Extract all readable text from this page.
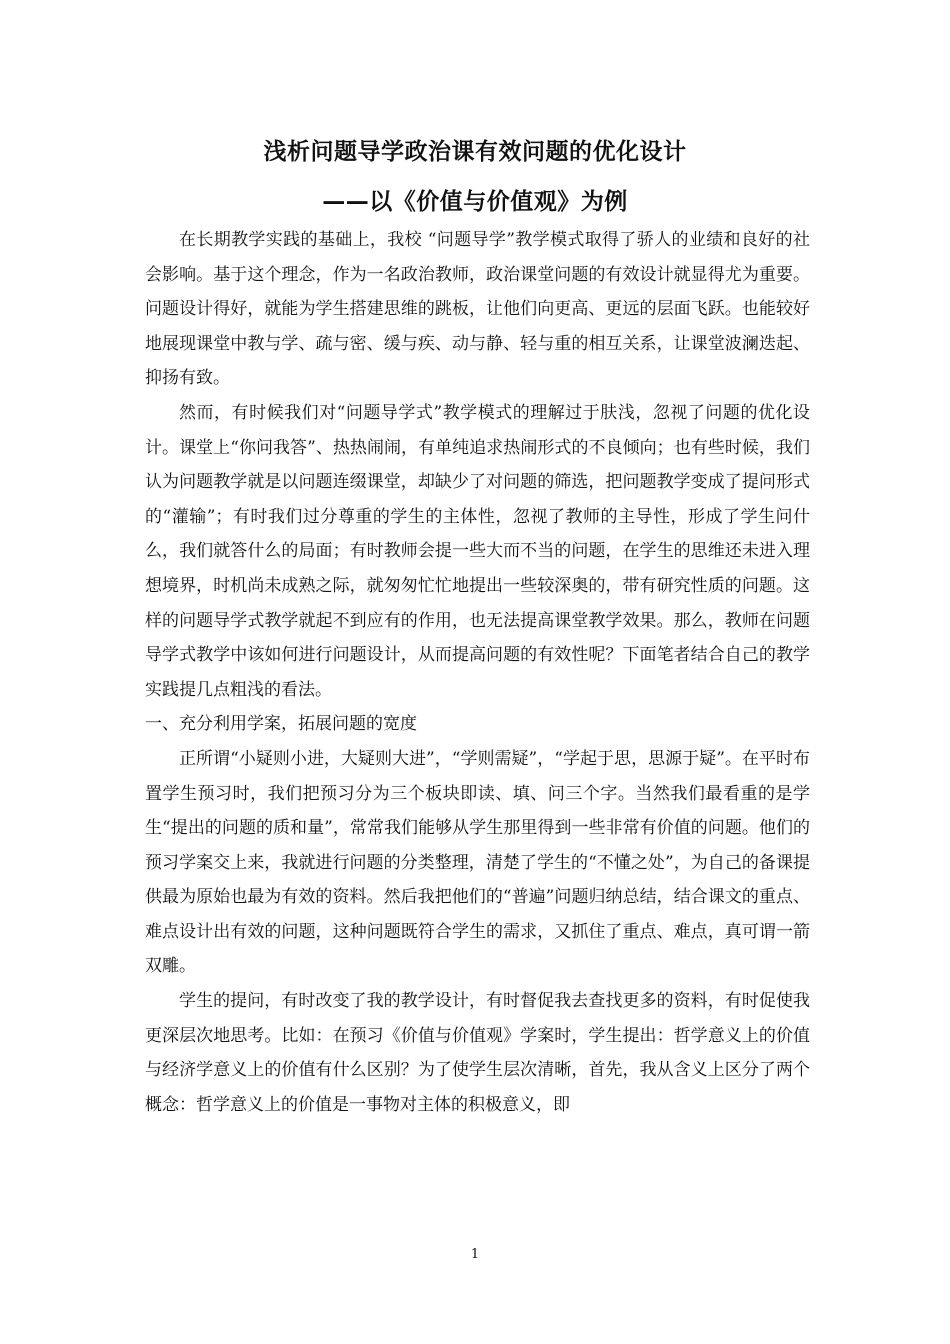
浅析问题导学政治课有效问题的优化设计
——以《价值与价值观》为例

在长期教学实践的基础上，我校 “问题导学”教学模式取得了骄人的业绩和良好的社会影响。基于这个理念，作为一名政治教师，政治课堂问题的有效设计就显得尤为重要。问题设计得好，就能为学生搭建思维的跳板，让他们向更高、更远的层面飞跃。也能较好地展现课堂中教与学、疏与密、缓与疾、动与静、轻与重的相互关系，让课堂波澜迭起、抑扬有致。

然而，有时候我们对“问题导学式”教学模式的理解过于肤浅，忽视了问题的优化设计。课堂上“你问我答”、热热闹闹，有单纯追求热闹形式的不良倾向；也有些时候，我们认为问题教学就是以问题连缀课堂，却缺少了对问题的筛选，把问题教学变成了提问形式的“灌输”；有时我们过分尊重的学生的主体性，忽视了教师的主导性，形成了学生问什么，我们就答什么的局面；有时教师会提一些大而不当的问题，在学生的思维还未进入理想境界，时机尚未成熟之际，就匆匆忙忙地提出一些较深奥的，带有研究性质的问题。这样的问题导学式教学就起不到应有的作用，也无法提高课堂教学效果。那么，教师在问题导学式教学中该如何进行问题设计，从而提高问题的有效性呢？下面笔者结合自己的教学实践提几点粗浅的看法。

一、充分利用学案，拓展问题的宽度

正所谓“小疑则小进，大疑则大进”，“学则需疑”，“学起于思，思源于疑”。在平时布置学生预习时，我们把预习分为三个板块即读、填、问三个字。当然我们最看重的是学生“提出的问题的质和量”，常常我们能够从学生那里得到一些非常有价值的问题。他们的预习学案交上来，我就进行问题的分类整理，清楚了学生的“不懂之处”，为自己的备课提供最为原始也最为有效的资料。然后我把他们的“普遍”问题归纳总结，结合课文的重点、难点设计出有效的问题，这种问题既符合学生的需求，又抓住了重点、难点，真可谓一箭双雕。

学生的提问，有时改变了我的教学设计，有时督促我去查找更多的资料，有时促使我更深层次地思考。比如：在预习《价值与价值观》学案时，学生提出：哲学意义上的价值与经济学意义上的价值有什么区别？为了使学生层次清晰，首先，我从含义上区分了两个概念：哲学意义上的价值是一事物对主体的积极意义，即

1
